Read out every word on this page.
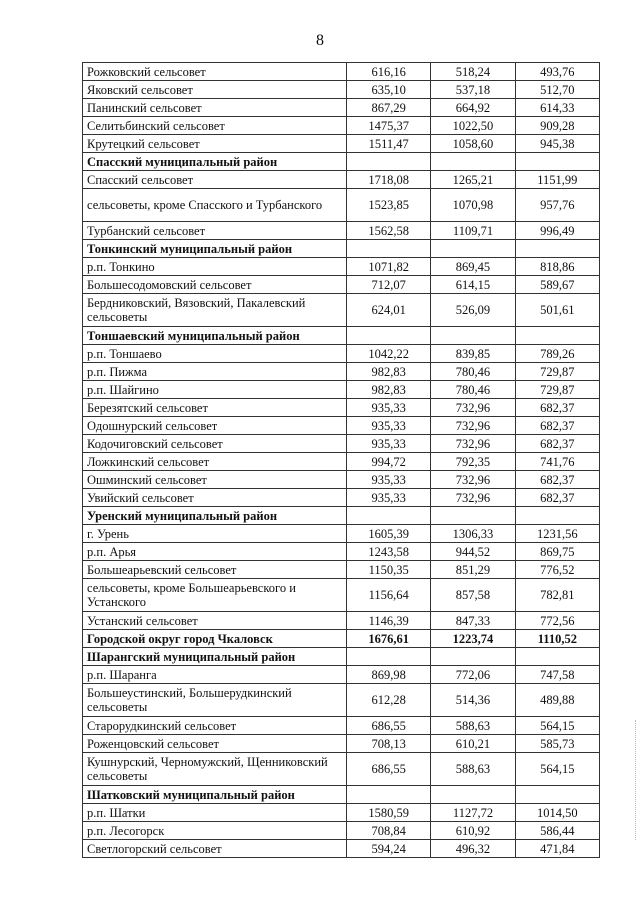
8
Рожковский сельсовет	616,16	518,24	493,76
Яковский сельсовет	635,10	537,18	512,70
Панинский сельсовет	867,29	664,92	614,33
Селитьбинский сельсовет	1475,37	1022,50	909,28
Крутецкий сельсовет	1511,47	1058,60	945,38
Спасский муниципальный район			
Спасский сельсовет	1718,08	1265,21	1151,99
сельсоветы, кроме Спасского и Турбанского	1523,85	1070,98	957,76
Турбанский сельсовет	1562,58	1109,71	996,49
Тонкинский муниципальный район			
р.п. Тонкино	1071,82	869,45	818,86
Большесодомовский сельсовет	712,07	614,15	589,67
Бердниковский, Вязовский, Пакалевский сельсоветы	624,01	526,09	501,61
Тоншаевский муниципальный район			
р.п. Тоншаево	1042,22	839,85	789,26
р.п. Пижма	982,83	780,46	729,87
р.п. Шайгино	982,83	780,46	729,87
Березятский сельсовет	935,33	732,96	682,37
Одошнурский сельсовет	935,33	732,96	682,37
Кодочиговский сельсовет	935,33	732,96	682,37
Ложкинский сельсовет	994,72	792,35	741,76
Ошминский сельсовет	935,33	732,96	682,37
Увийский сельсовет	935,33	732,96	682,37
Уренский муниципальный район			
г. Урень	1605,39	1306,33	1231,56
р.п. Арья	1243,58	944,52	869,75
Большеарьевский сельсовет	1150,35	851,29	776,52
сельсоветы, кроме Большеарьевского и Устанского	1156,64	857,58	782,81
Устанский сельсовет	1146,39	847,33	772,56
Городской округ город Чкаловск	1676,61	1223,74	1110,52
Шарангский муниципальный район			
р.п. Шаранга	869,98	772,06	747,58
Большеустинский, Большерудкинский сельсоветы	612,28	514,36	489,88
Старорудкинский сельсовет	686,55	588,63	564,15
Роженцовский сельсовет	708,13	610,21	585,73
Кушнурский, Черномужский, Щенниковский сельсоветы	686,55	588,63	564,15
Шатковский муниципальный район			
р.п. Шатки	1580,59	1127,72	1014,50
р.п. Лесогорск	708,84	610,92	586,44
Светлогорский сельсовет	594,24	496,32	471,84
